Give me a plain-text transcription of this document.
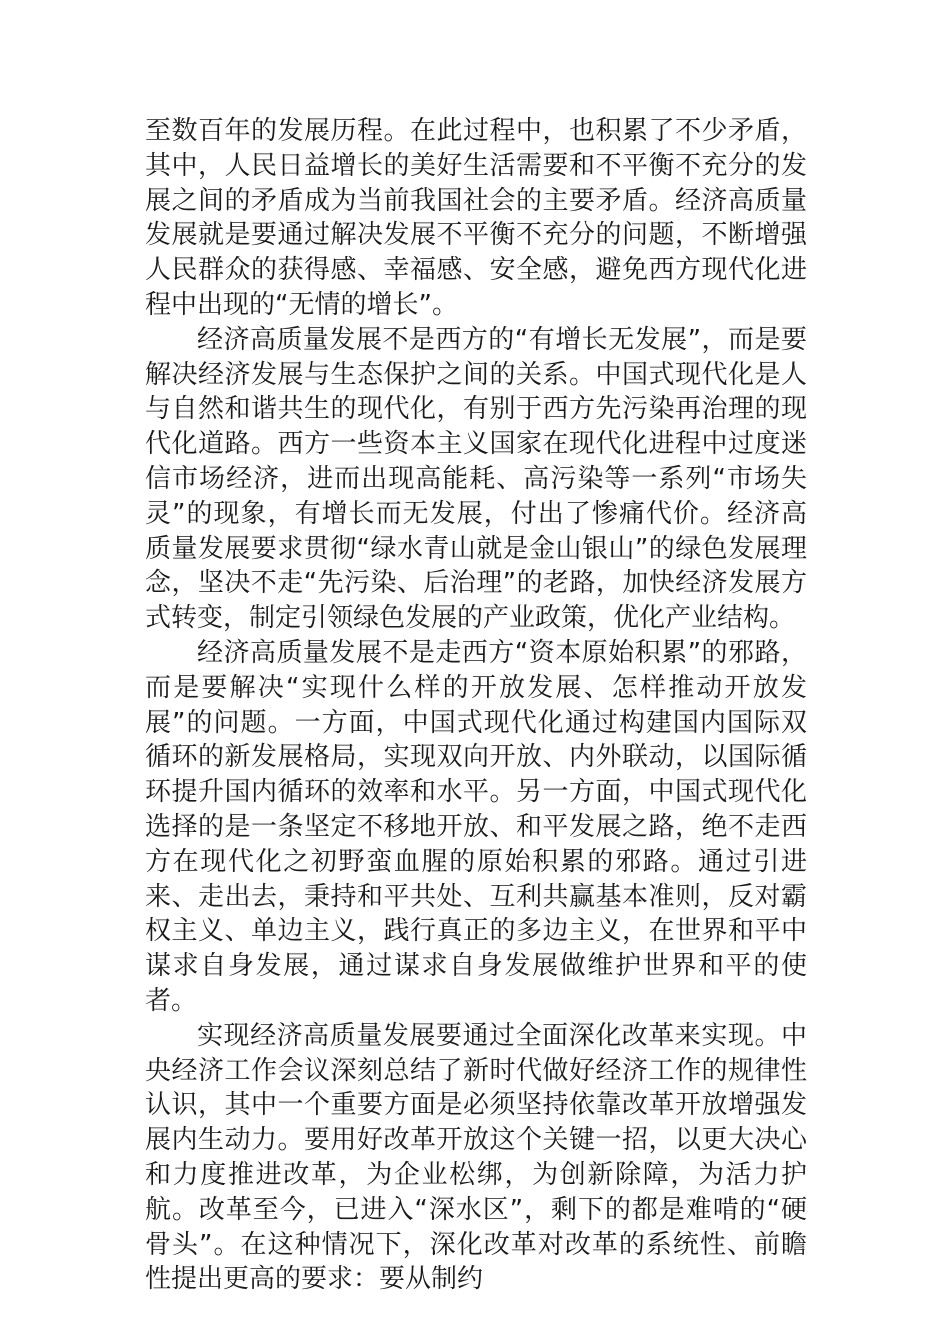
至数百年的发展历程。在此过程中，也积累了不少矛盾，其中，人民日益增长的美好生活需要和不平衡不充分的发展之间的矛盾成为当前我国社会的主要矛盾。经济高质量发展就是要通过解决发展不平衡不充分的问题，不断增强人民群众的获得感、幸福感、安全感，避免西方现代化进程中出现的“无情的增长”。

经济高质量发展不是西方的“有增长无发展”，而是要解决经济发展与生态保护之间的关系。中国式现代化是人与自然和谐共生的现代化，有别于西方先污染再治理的现代化道路。西方一些资本主义国家在现代化进程中过度迷信市场经济，进而出现高能耗、高污染等一系列“市场失灵”的现象，有增长而无发展，付出了惨痛代价。经济高质量发展要求贯彻“绿水青山就是金山银山”的绿色发展理念，坚决不走“先污染、后治理”的老路，加快经济发展方式转变，制定引领绿色发展的产业政策，优化产业结构。

经济高质量发展不是走西方“资本原始积累”的邪路，而是要解决“实现什么样的开放发展、怎样推动开放发展”的问题。一方面，中国式现代化通过构建国内国际双循环的新发展格局，实现双向开放、内外联动，以国际循环提升国内循环的效率和水平。另一方面，中国式现代化选择的是一条坚定不移地开放、和平发展之路，绝不走西方在现代化之初野蛮血腥的原始积累的邪路。通过引进来、走出去，秉持和平共处、互利共赢基本准则，反对霸权主义、单边主义，践行真正的多边主义，在世界和平中谋求自身发展，通过谋求自身发展做维护世界和平的使者。

实现经济高质量发展要通过全面深化改革来实现。中央经济工作会议深刻总结了新时代做好经济工作的规律性认识，其中一个重要方面是必须坚持依靠改革开放增强发展内生动力。要用好改革开放这个关键一招，以更大决心和力度推进改革，为企业松绑，为创新除障，为活力护航。改革至今，已进入“深水区”，剩下的都是难啃的“硬骨头”。在这种情况下，深化改革对改革的系统性、前瞻性提出更高的要求：要从制约
